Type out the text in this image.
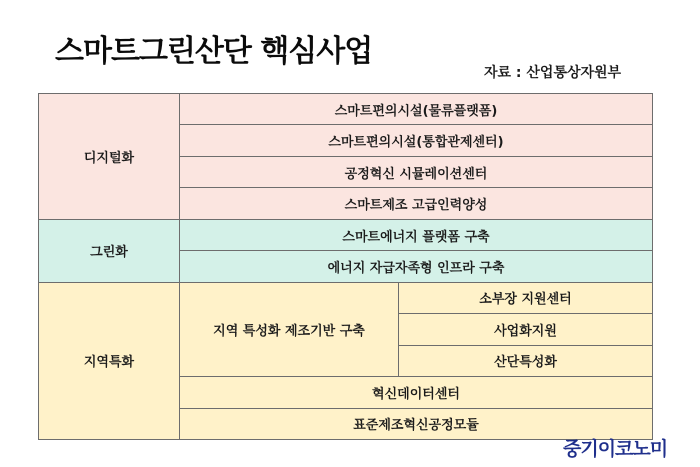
스마트그린산단 핵심사업
자료 : 산업통상자원부
디지털화	스마트편의시설(물류플랫폼)	
	스마트편의시설(통합관제센터)	
	공정혁신 시뮬레이션센터	
	스마트제조 고급인력양성	
그린화	스마트에너지 플랫폼 구축	
	에너지 자급자족형 인프라 구축	
지역특화	지역 특성화 제조기반 구축	소부장 지원센터
		사업화지원
		산단특성화
	혁신데이터센터	
	표준제조혁신공정모듈	
중기이코노미
